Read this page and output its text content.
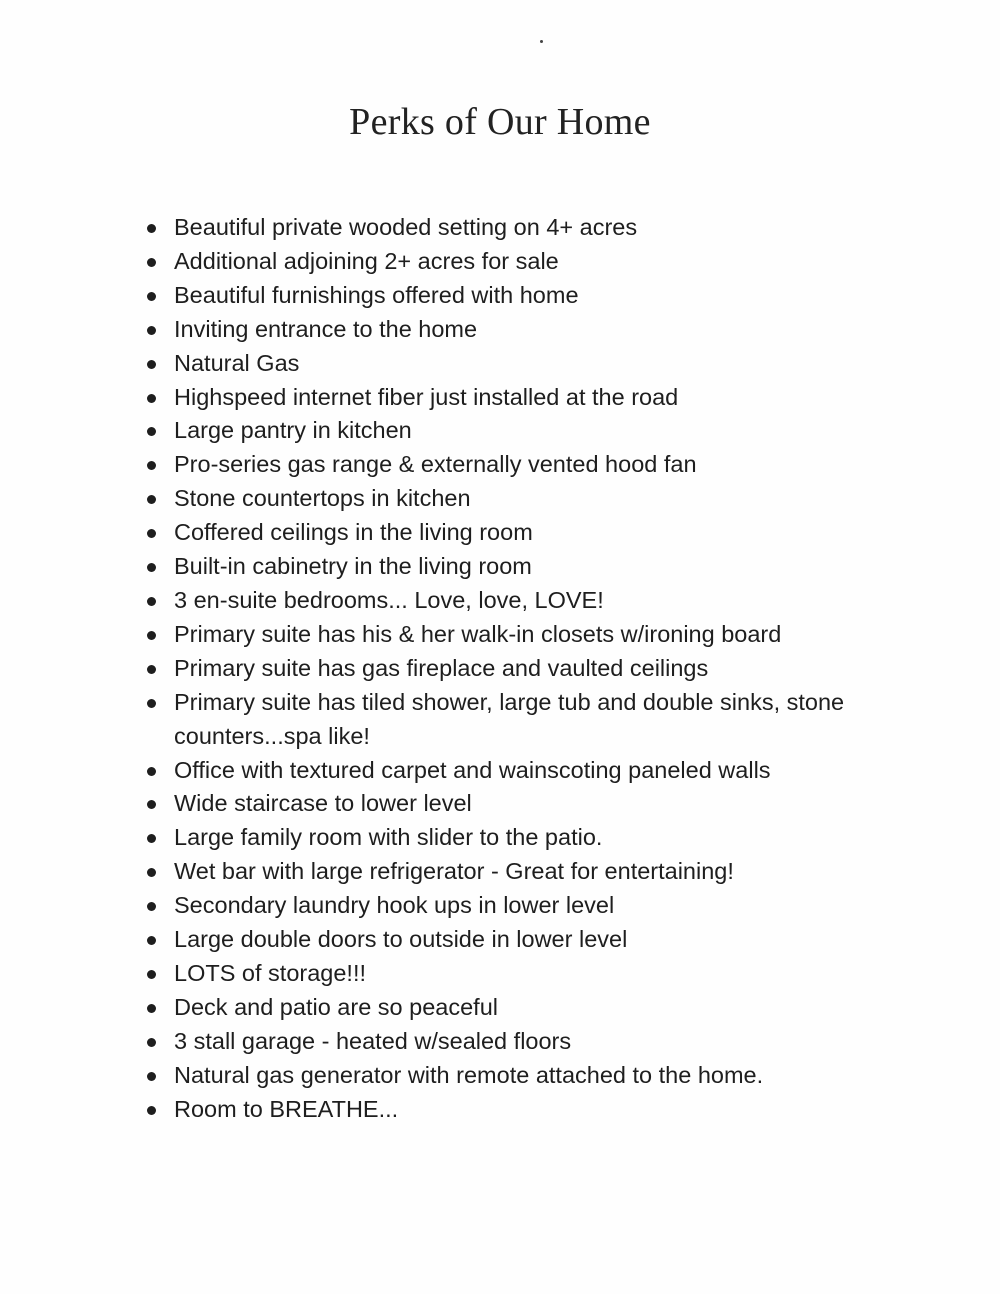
Perks of Our Home
Beautiful private wooded setting on 4+ acres
Additional adjoining 2+ acres for sale
Beautiful furnishings offered with home
Inviting entrance to the home
Natural Gas
Highspeed internet fiber just installed at the road
Large pantry in kitchen
Pro-series gas range & externally vented hood fan
Stone countertops in kitchen
Coffered ceilings in the living room
Built-in cabinetry in the living room
3 en-suite bedrooms... Love, love, LOVE!
Primary suite has his & her walk-in closets w/ironing board
Primary suite has gas fireplace and vaulted ceilings
Primary suite has tiled shower, large tub and double sinks, stone counters...spa like!
Office with textured carpet and wainscoting paneled walls
Wide staircase to lower level
Large family room with slider to the patio.
Wet bar with large refrigerator - Great for entertaining!
Secondary laundry hook ups in lower level
Large double doors to outside in lower level
LOTS of storage!!!
Deck and patio are so peaceful
3 stall garage - heated w/sealed floors
Natural gas generator with remote attached to the home.
Room to BREATHE...
